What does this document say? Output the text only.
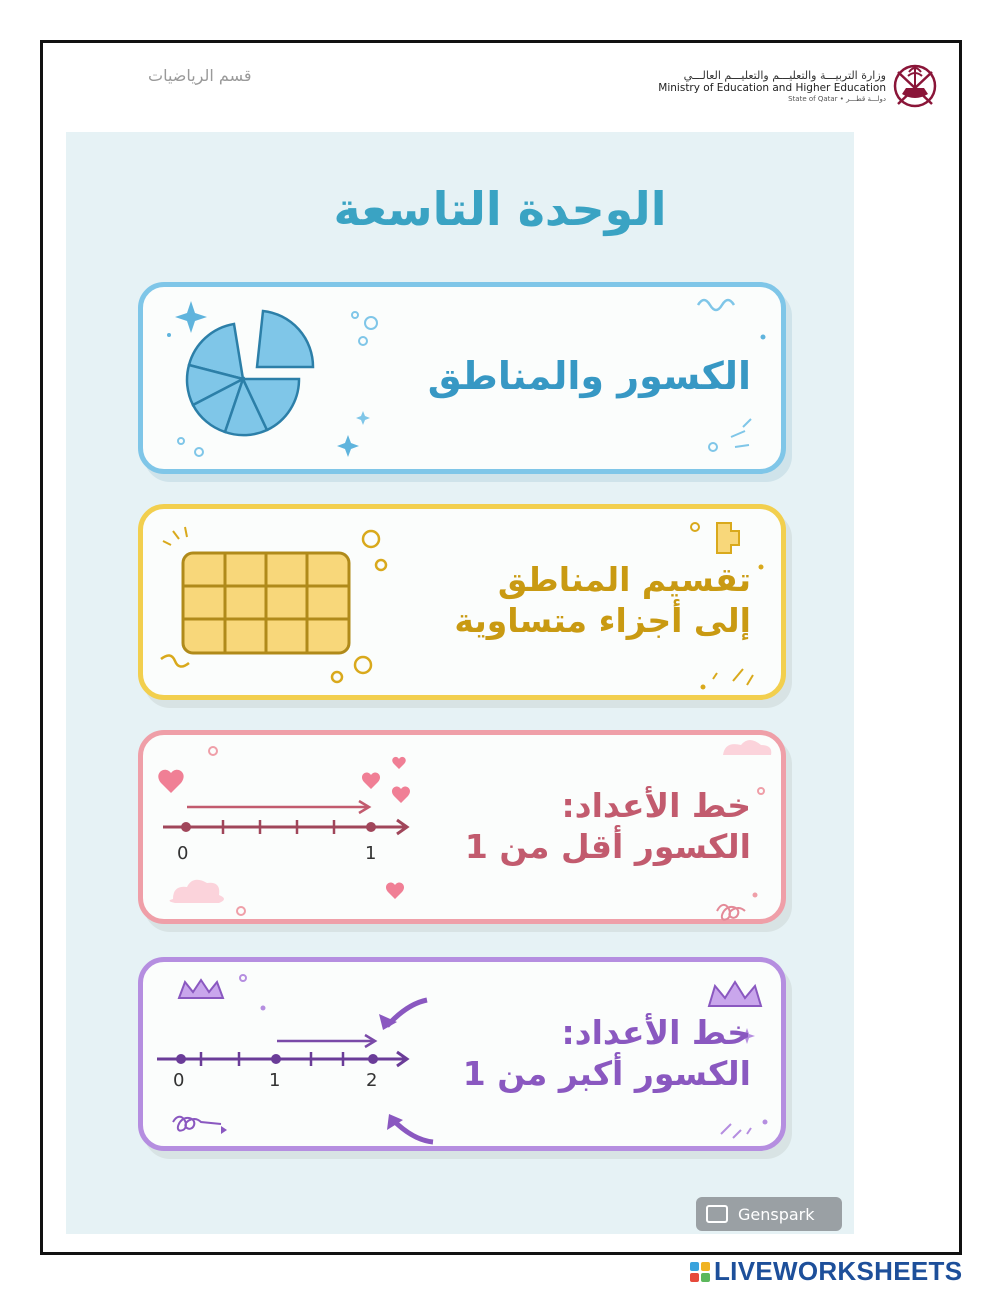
قسم الرياضيات	وزارة التربيـــة والتعليـــم والتعليـــم العالـــي
Ministry of Education and Higher Education
State of Qatar • دولـــة قطـــر
الوحدة التاسعة
الكسور والمناطق
تقسيم المناطق
إلى أجزاء متساوية
0	1
خط الأعداد:
الكسور أقل من 1
0	1	2
خط الأعداد:
الكسور أكبر من 1
Genspark
LIVEWORKSHEETS
